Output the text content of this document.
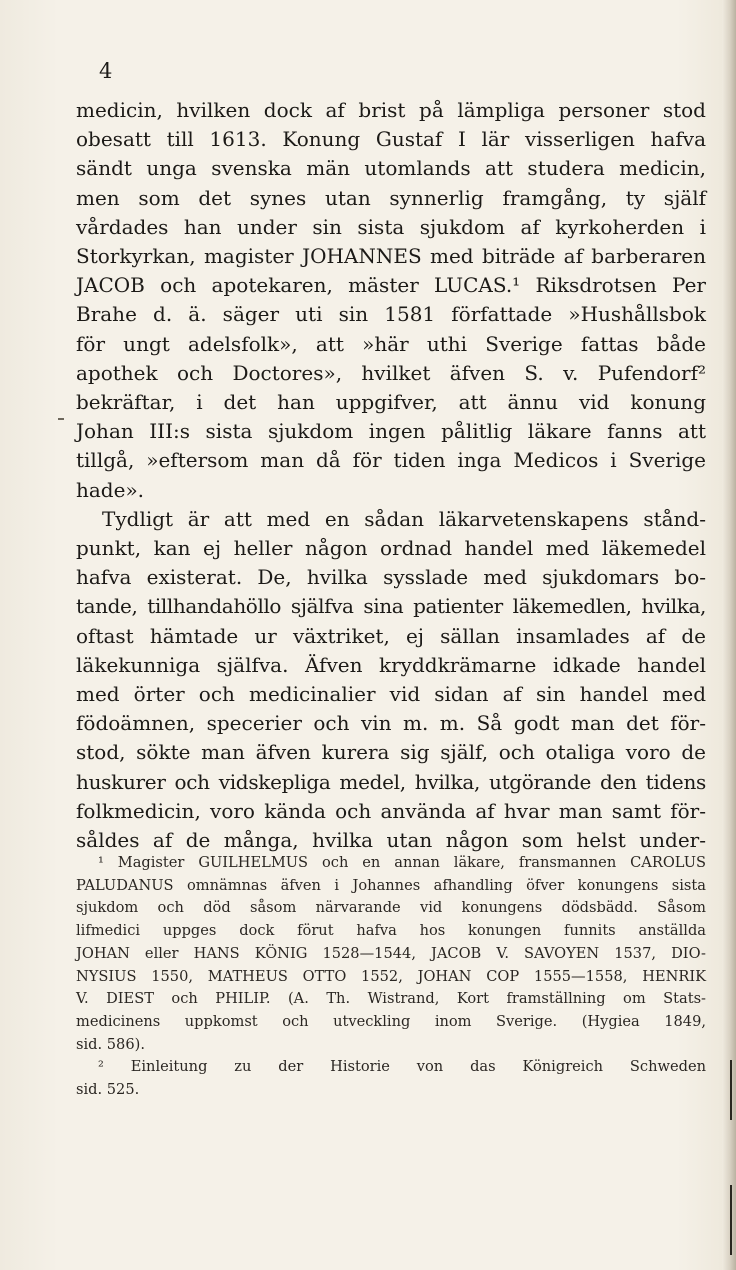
4
medicin, hvilken dock af brist på lämpliga personer stod
obesatt till 1613. Konung Gustaf I lär visserligen hafva
sändt unga svenska män utomlands att studera medicin,
men som det synes utan synnerlig framgång, ty själf
vårdades han under sin sista sjukdom af kyrkoherden i
Storkyrkan, magister JOHANNES med biträde af barberaren
JACOB och apotekaren, mäster LUCAS.¹ Riksdrotsen Per
Brahe d. ä. säger uti sin 1581 författade »Hushållsbok
för ungt adelsfolk», att »här uthi Sverige fattas både
apothek och Doctores», hvilket äfven S. v. Pufendorf²
bekräftar, i det han uppgifver, att ännu vid konung
Johan III:s sista sjukdom ingen pålitlig läkare fanns att
tillgå, »eftersom man då för tiden inga Medicos i Sverige
hade».
Tydligt är att med en sådan läkarvetenskapens stånd-
punkt, kan ej heller någon ordnad handel med läkemedel
hafva existerat. De, hvilka sysslade med sjukdomars bo-
tande, tillhandahöllo själfva sina patienter läkemedlen, hvilka,
oftast hämtade ur växtriket, ej sällan insamlades af de
läkekunniga själfva. Äfven kryddkrämarne idkade handel
med örter och medicinalier vid sidan af sin handel med
födoämnen, specerier och vin m. m. Så godt man det för-
stod, sökte man äfven kurera sig själf, och otaliga voro de
huskurer och vidskepliga medel, hvilka, utgörande den tidens
folkmedicin, voro kända och använda af hvar man samt för-
såldes af de många, hvilka utan någon som helst under-
¹ Magister GUILHELMUS och en annan läkare, fransmannen CAROLUS
PALUDANUS omnämnas äfven i Johannes afhandling öfver konungens sista
sjukdom och död såsom närvarande vid konungens dödsbädd. Såsom
lifmedici uppges dock förut hafva hos konungen funnits anställda
JOHAN eller HANS KÖNIG 1528—1544, JACOB V. SAVOYEN 1537, DIO-
NYSIUS 1550, MATHEUS OTTO 1552, JOHAN COP 1555—1558, HENRIK
V. DIEST och PHILIP. (A. Th. Wistrand, Kort framställning om Stats-
medicinens uppkomst och utveckling inom Sverige. (Hygiea 1849,
sid. 586).
² Einleitung zu der Historie von das Königreich Schweden
sid. 525.
